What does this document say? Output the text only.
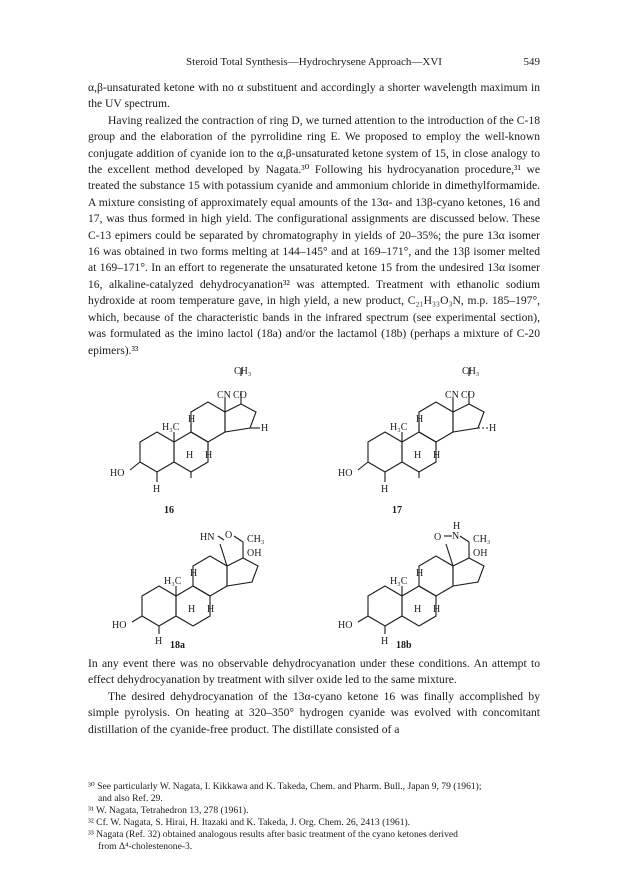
Steroid Total Synthesis—Hydrochrysene Approach—XVI	549

α,β-unsaturated ketone with no α substituent and accordingly a shorter wavelength maximum in the UV spectrum.

Having realized the contraction of ring D, we turned attention to the introduction of the C-18 group and the elaboration of the pyrrolidine ring E. We proposed to employ the well-known conjugate addition of cyanide ion to the α,β-unsaturated ketone system of 15, in close analogy to the excellent method developed by Nagata.³⁰ Following his hydrocyanation procedure,³¹ we treated the substance 15 with potassium cyanide and ammonium chloride in dimethylformamide. A mixture consisting of approximately equal amounts of the 13α- and 13β-cyano ketones, 16 and 17, was thus formed in high yield. The configurational assignments are discussed below. These C-13 epimers could be separated by chromatography in yields of 20–35%; the pure 13α isomer 16 was obtained in two forms melting at 144–145° and at 169–171°, and the 13β isomer melted at 169–171°. In an effort to regenerate the unsaturated ketone 15 from the undesired 13α isomer 16, alkaline-catalyzed dehydrocyanation³² was attempted. Treatment with ethanolic sodium hydroxide at room temperature gave, in high yield, a new product, C₂₁H₃₃O₃N, m.p. 185–197°, which, because of the characteristic bands in the infrared spectrum (see experimental section), was formulated as the imino lactol (18a) and/or the lactamol (18b) (perhaps a mixture of C-20 epimers).³³

CH₃
CN CO
H
H₃C
H
H H
H
HO
16
CH₃
CN CO
H
H₃C
H
H H
H
HO
17
HN O CH₃
OH
H₃C
H
H H
H
HO
18a
O N
H
CH₃
OH
H₃C
H
H H
H
HO
18b

In any event there was no observable dehydrocyanation under these conditions. An attempt to effect dehydrocyanation by treatment with silver oxide led to the same mixture.

The desired dehydrocyanation of the 13α-cyano ketone 16 was finally accomplished by simple pyrolysis. On heating at 320–350° hydrogen cyanide was evolved with concomitant distillation of the cyanide-free product. The distillate consisted of a

³⁰ See particularly W. Nagata, I. Kikkawa and K. Takeda, Chem. and Pharm. Bull., Japan 9, 79 (1961);

and also Ref. 29.

³¹ W. Nagata, Tetrahedron 13, 278 (1961).

³² Cf. W. Nagata, S. Hirai, H. Itazaki and K. Takeda, J. Org. Chem. 26, 2413 (1961).

³³ Nagata (Ref. 32) obtained analogous results after basic treatment of the cyano ketones derived

from Δ⁴-cholestenone-3.
